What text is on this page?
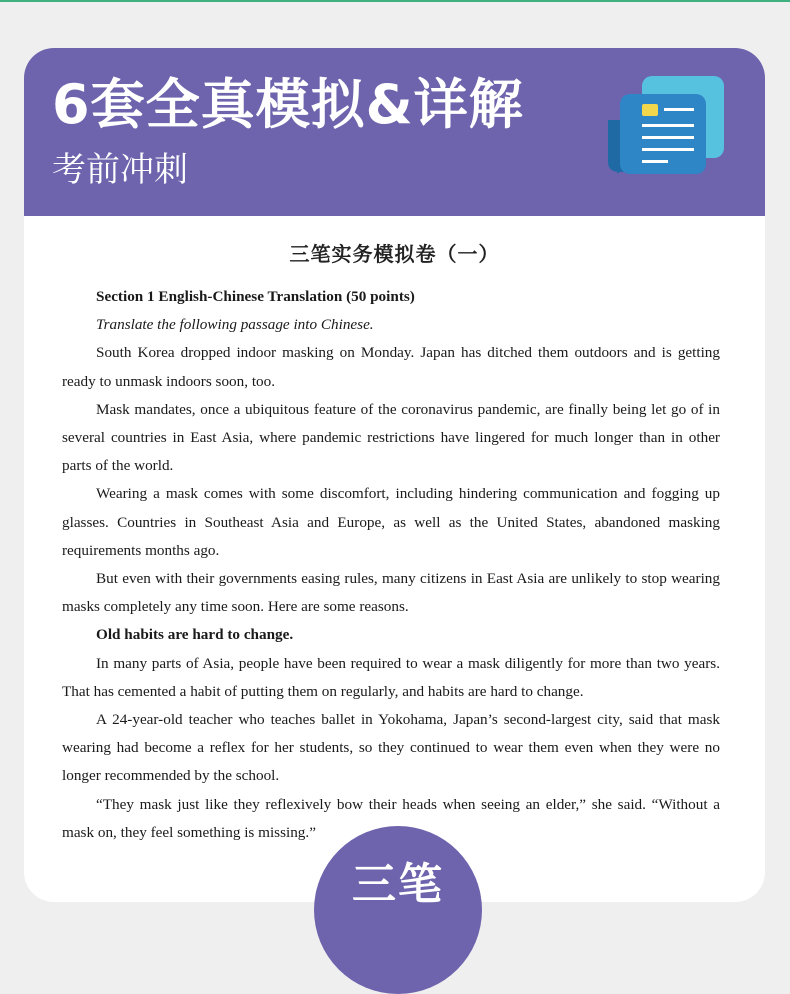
6套全真模拟&详解
考前冲刺
三笔实务模拟卷（一）

Section 1 English-Chinese Translation (50 points)

Translate the following passage into Chinese.

South Korea dropped indoor masking on Monday. Japan has ditched them outdoors and is getting ready to unmask indoors soon, too.

Mask mandates, once a ubiquitous feature of the coronavirus pandemic, are finally being let go of in several countries in East Asia, where pandemic restrictions have lingered for much longer than in other parts of the world.

Wearing a mask comes with some discomfort, including hindering communication and fogging up glasses. Countries in Southeast Asia and Europe, as well as the United States, abandoned masking requirements months ago.

But even with their governments easing rules, many citizens in East Asia are unlikely to stop wearing masks completely any time soon. Here are some reasons.

Old habits are hard to change.

In many parts of Asia, people have been required to wear a mask diligently for more than two years. That has cemented a habit of putting them on regularly, and habits are hard to change.

A 24-year-old teacher who teaches ballet in Yokohama, Japan’s second-largest city, said that mask wearing had become a reflex for her students, so they continued to wear them even when they were no longer recommended by the school.

“They mask just like they reflexively bow their heads when seeing an elder,” she said. “Without a mask on, they feel something is missing.”

三笔
